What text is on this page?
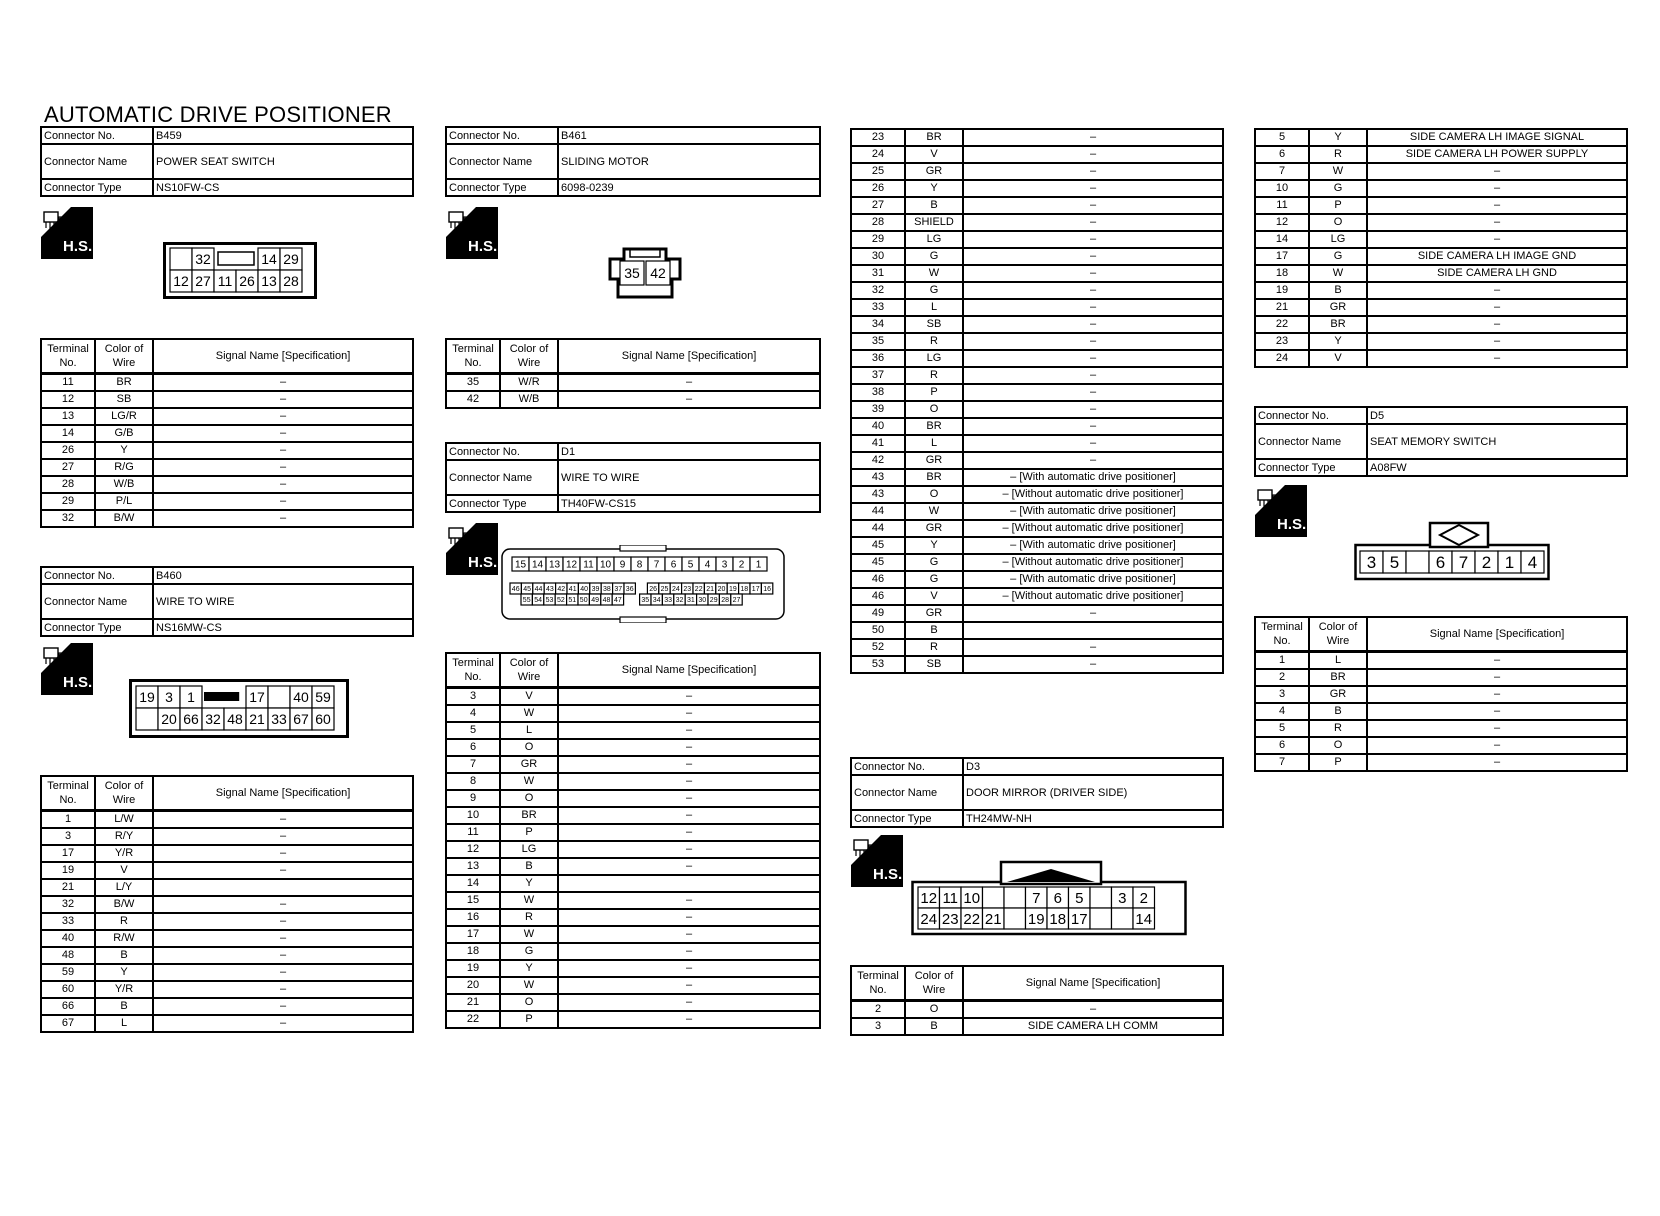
AUTOMATIC DRIVE POSITIONER
Connector No.	B459
Connector Name	POWER SEAT SWITCH
Connector Type	NS10FW-CS
H.S.
32	14 29
12 27 11 26 13 28
Terminal No.	Color of Wire	Signal Name [Specification]
11	BR	–
12	SB	–
13	LG/R	–
14	G/B	–
26	Y	–
27	R/G	–
28	W/B	–
29	P/L	–
32	B/W	–
Connector No.	B460
Connector Name	WIRE TO WIRE
Connector Type	NS16MW-CS
H.S.
19 3 1	17 40 59
20 66 32 48 21 33 67 60
Terminal No.	Color of Wire	Signal Name [Specification]
1	L/W	–
3	R/Y	–
17	Y/R	–
19	V	–
21	L/Y	
32	B/W	–
33	R	–
40	R/W	–
48	B	–
59	Y	–
60	Y/R	–
66	B	–
67	L	–
Connector No.	B461
Connector Name	SLIDING MOTOR
Connector Type	6098-0239
H.S.
35 42
Terminal No.	Color of Wire	Signal Name [Specification]
35	W/R	–
42	W/B	–
Connector No.	D1
Connector Name	WIRE TO WIRE
Connector Type	TH40FW-CS15
H.S. 15 14 13 12 11 10 9 8 7 6 5 4 3 2 1
46 45 44 43 42 41 40 39 38 37 36 26 25 24 23 22 21 20 19 18 17 16
55 54 53 52 51 50 49 48 47	35 34 33 32 31 30 29 28 27
Terminal No.	Color of Wire	Signal Name [Specification]
3	V	–
4	W	–
5	L	–
6	O	–
7	GR	–
8	W	–
9	O	–
10	BR	–
11	P	–
12	LG	–
13	B	–
14	Y	
15	W	–
16	R	–
17	W	–
18	G	–
19	Y	–
20	W	–
21	O	–
22	P	–
23	BR	–
24	V	–
25	GR	–
26	Y	–
27	B	–
28	SHIELD	–
29	LG	–
30	G	–
31	W	–
32	G	–
33	L	–
34	SB	–
35	R	–
36	LG	–
37	R	–
38	P	–
39	O	–
40	BR	–
41	L	–
42	GR	–
43	BR	– [With automatic drive positioner]
43	O	– [Without automatic drive positioner]
44	W	– [With automatic drive positioner]
44	GR	– [Without automatic drive positioner]
45	Y	– [With automatic drive positioner]
45	G	– [Without automatic drive positioner]
46	G	– [With automatic drive positioner]
46	V	– [Without automatic drive positioner]
49	GR	–
50	B	
52	R	–
53	SB	–
Connector No.	D3
Connector Name	DOOR MIRROR (DRIVER SIDE)
Connector Type	TH24MW-NH
H.S.
12 11 10	7 6 5 3 2
24 23 22 21 19 18 17	14
Terminal No.	Color of Wire	Signal Name [Specification]
2	O	–
3	B	SIDE CAMERA LH COMM
5	Y	SIDE CAMERA LH IMAGE SIGNAL
6	R	SIDE CAMERA LH POWER SUPPLY
7	W	–
10	G	–
11	P	–
12	O	–
14	LG	–
17	G	SIDE CAMERA LH IMAGE GND
18	W	SIDE CAMERA LH GND
19	B	–
21	GR	–
22	BR	–
23	Y	–
24	V	–
Connector No.	D5
Connector Name	SEAT MEMORY SWITCH
Connector Type	A08FW
H.S.
3 5 6 7 2 1 4
Terminal No.	Color of Wire	Signal Name [Specification]
1	L	–
2	BR	–
3	GR	–
4	B	–
5	R	–
6	O	–
7	P	–
